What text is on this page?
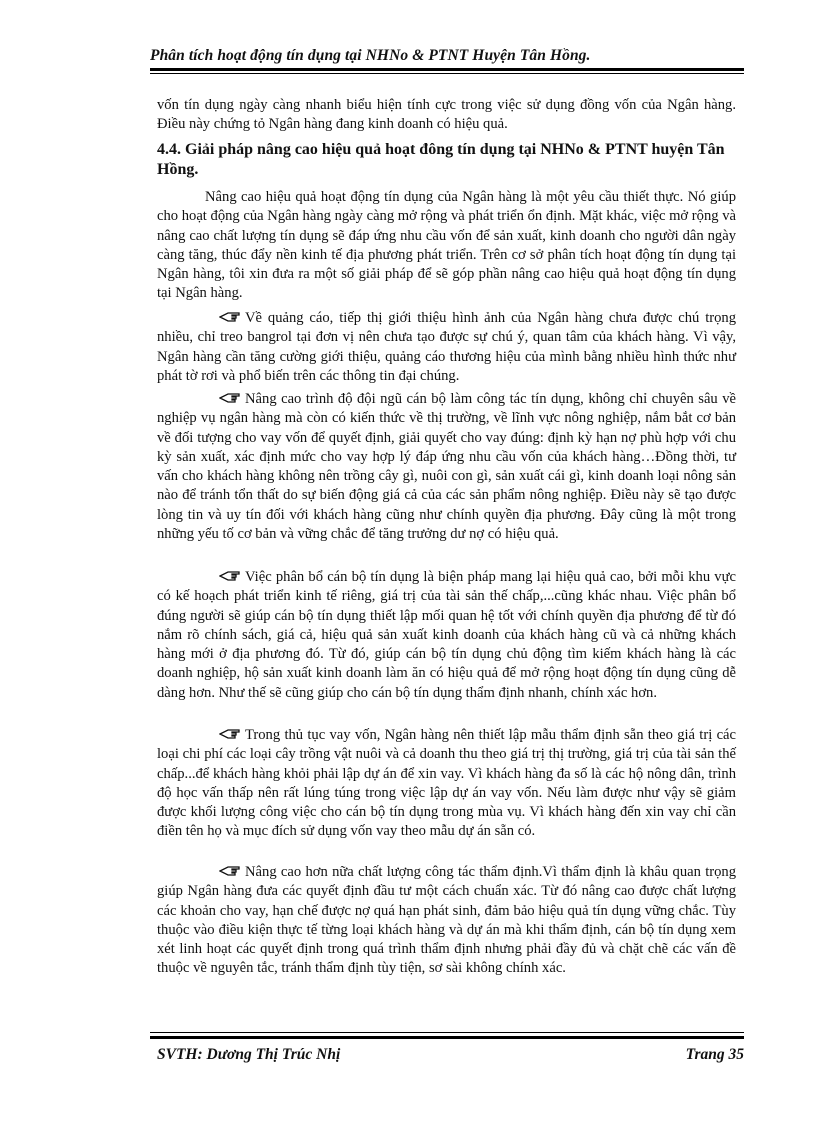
Phân tích hoạt động tín dụng tại NHNo & PTNT Huyện Tân Hồng.

vốn tín dụng ngày càng nhanh biểu hiện tính cực trong việc sử dụng đồng vốn của Ngân hàng. Điều này chứng tỏ Ngân hàng đang kinh doanh có hiệu quả.

4.4. Giải pháp nâng cao hiệu quả hoạt đông tín dụng tại NHNo & PTNT huyện Tân Hồng.

Nâng cao hiệu quả hoạt động tín dụng của Ngân hàng là một yêu cầu thiết thực. Nó giúp cho hoạt động của Ngân hàng ngày càng mở rộng và phát triển ổn định. Mặt khác, việc mở rộng và nâng cao chất lượng tín dụng sẽ đáp ứng nhu cầu vốn để sản xuất, kinh doanh cho người dân ngày càng tăng, thúc đẩy nền kinh tế địa phương phát triển. Trên cơ sở phân tích hoạt động tín dụng tại Ngân hàng, tôi xin đưa ra một số giải pháp để sẽ góp phần nâng cao hiệu quả hoạt động tín dụng tại Ngân hàng.

Về quảng cáo, tiếp thị giới thiệu hình ảnh của Ngân hàng chưa được chú trọng nhiều, chỉ treo bangrol tại đơn vị nên chưa tạo được sự chú ý, quan tâm của khách hàng. Vì vậy, Ngân hàng cần tăng cường giới thiệu, quảng cáo thương hiệu của mình bằng nhiều hình thức như phát tờ rơi và phổ biến trên các thông tin đại chúng.

Nâng cao trình độ đội ngũ cán bộ làm công tác tín dụng, không chỉ chuyên sâu về nghiệp vụ ngân hàng mà còn có kiến thức về thị trường, về lĩnh vực nông nghiệp, nắm bắt cơ bản về đối tượng cho vay vốn để quyết định, giải quyết cho vay đúng: định kỳ hạn nợ phù hợp với chu kỳ sản xuất, xác định mức cho vay hợp lý đáp ứng nhu cầu vốn của khách hàng…Đồng thời, tư vấn cho khách hàng không nên trồng cây gì, nuôi con gì, sản xuất cái gì, kinh doanh loại nông sản nào để tránh tổn thất do sự biến động giá cả của các sản phẩm nông nghiệp. Điều này sẽ tạo được lòng tin và uy tín đối với khách hàng cũng như chính quyền địa phương. Đây cũng là một trong những yếu tố cơ bản và vững chắc để tăng trưởng dư nợ có hiệu quả.

Việc phân bổ cán bộ tín dụng là biện pháp mang lại hiệu quả cao, bởi mỗi khu vực có kế hoạch phát triển kinh tế riêng, giá trị của tài sản thế chấp,...cũng khác nhau. Việc phân bổ đúng người sẽ giúp cán bộ tín dụng thiết lập mối quan hệ tốt với chính quyền địa phương để từ đó nắm rõ chính sách, giá cả, hiệu quả sản xuất kinh doanh của khách hàng cũ và cả những khách hàng mới ở địa phương đó. Từ đó, giúp cán bộ tín dụng chủ động tìm kiếm khách hàng là các doanh nghiệp, hộ sản xuất kinh doanh làm ăn có hiệu quả để mở rộng hoạt động tín dụng cũng dễ dàng hơn. Như thế sẽ cũng giúp cho cán bộ tín dụng thẩm định nhanh, chính xác hơn.

Trong thủ tục vay vốn, Ngân hàng nên thiết lập mẫu thẩm định sẵn theo giá trị các loại chi phí các loại cây trồng vật nuôi và cả doanh thu theo giá trị thị trường, giá trị của tài sản thế chấp...để khách hàng khỏi phải lập dự án để xin vay. Vì khách hàng đa số là các hộ nông dân, trình độ học vấn thấp nên rất lúng túng trong việc lập dự án vay vốn. Nếu làm được như vậy sẽ giảm được khối lượng công việc cho cán bộ tín dụng trong mùa vụ. Vì khách hàng đến xin vay chỉ cần điền tên họ và mục đích sử dụng vốn vay theo mẫu dự án sẵn có.

Nâng cao hơn nữa chất lượng công tác thẩm định.Vì thẩm định là khâu quan trọng giúp Ngân hàng đưa các quyết định đầu tư một cách chuẩn xác. Từ đó nâng cao được chất lượng các khoản cho vay, hạn chế được nợ quá hạn phát sinh, đảm bảo hiệu quả tín dụng vững chắc. Tùy thuộc vào điều kiện thực tế từng loại khách hàng và dự án mà khi thẩm định, cán bộ tín dụng xem xét linh hoạt các quyết định trong quá trình thẩm định nhưng phải đầy đủ và chặt chẽ các vấn đề thuộc về nguyên tắc, tránh thẩm định tùy tiện, sơ sài không chính xác.

SVTH: Dương Thị Trúc Nhị	Trang 35
